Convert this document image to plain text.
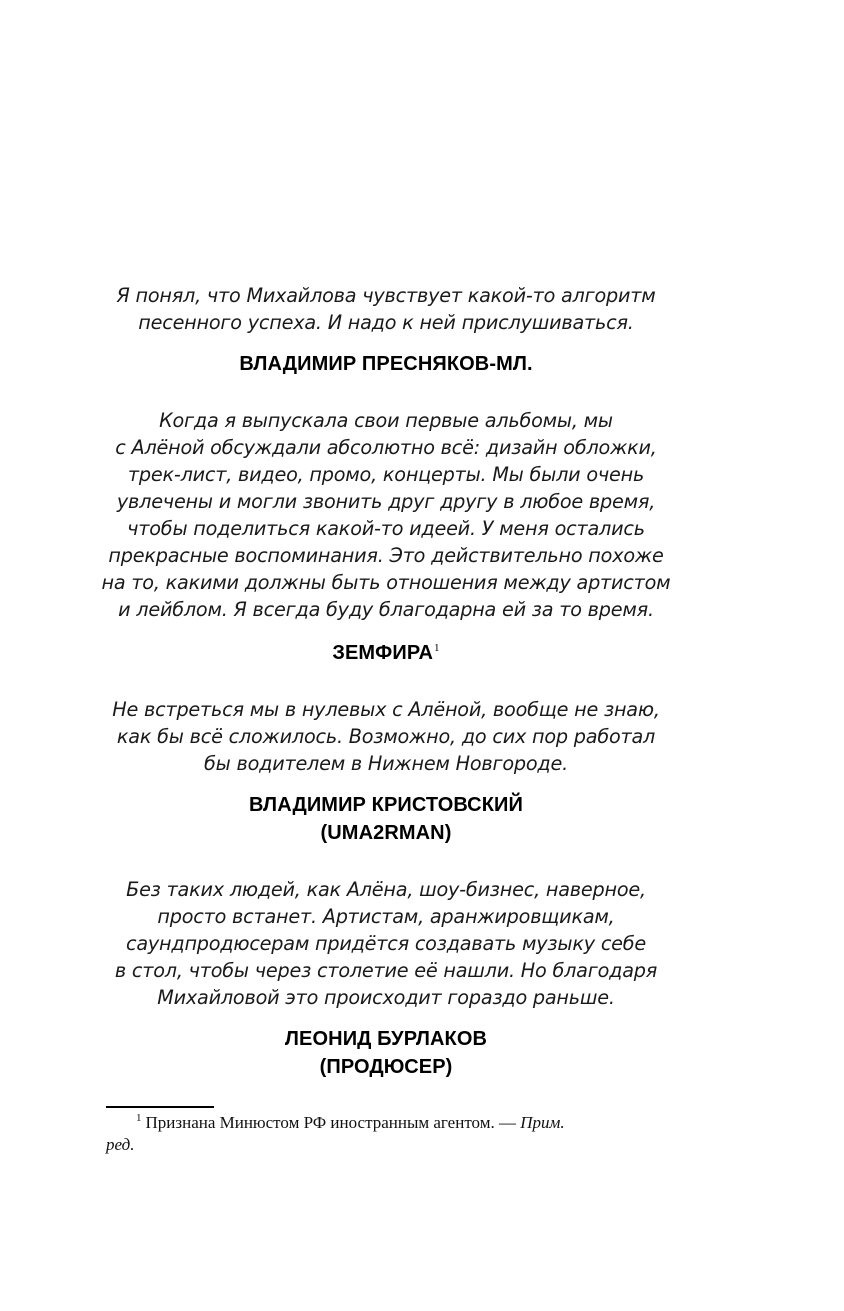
Я понял, что Михайлова чувствует какой-то алгоритм
песенного успеха. И надо к ней прислушиваться.
ВЛАДИМИР ПРЕСНЯКОВ-МЛ.
Когда я выпускала свои первые альбомы, мы
с Алёной обсуждали абсолютно всё: дизайн обложки,
трек-лист, видео, промо, концерты. Мы были очень
увлечены и могли звонить друг другу в любое время,
чтобы поделиться какой-то идеей. У меня остались
прекрасные воспоминания. Это действительно похоже
на то, какими должны быть отношения между артистом
и лейблом. Я всегда буду благодарна ей за то время.
ЗЕМФИРА$^1$
Не встреться мы в нулевых с Алёной, вообще не знаю,
как бы всё сложилось. Возможно, до сих пор работал
бы водителем в Нижнем Новгороде.
ВЛАДИМИР КРИСТОВСКИЙ
(UMA2RMAN)
Без таких людей, как Алёна, шоу-бизнес, наверное,
просто встанет. Артистам, аранжировщикам,
саундпродюсерам придётся создавать музыку себе
в стол, чтобы через столетие её нашли. Но благодаря
Михайловой это происходит гораздо раньше.
ЛЕОНИД БУРЛАКОВ
(ПРОДЮСЕР)
$^1$ Признана Минюстом РФ иностранным агентом. — Прим.
ред.
